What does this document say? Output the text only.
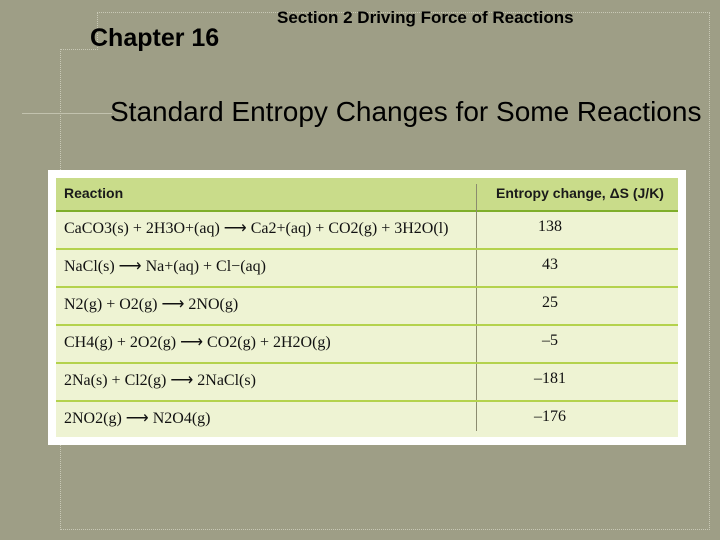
Chapter 16
Section 2 Driving Force of Reactions
Standard Entropy Changes for Some Reactions
Reaction	Entropy change, ΔS (J/K)
CaCO3(s) + 2H3O+(aq) ⟶ Ca2+(aq) + CO2(g) + 3H2O(l)	138
NaCl(s) ⟶ Na+(aq) + Cl−(aq)	43
N2(g) + O2(g) ⟶ 2NO(g)	25
CH4(g) + 2O2(g) ⟶ CO2(g) + 2H2O(g)	–5
2Na(s) + Cl2(g) ⟶ 2NaCl(s)	–181
2NO2(g) ⟶ N2O4(g)	–176
